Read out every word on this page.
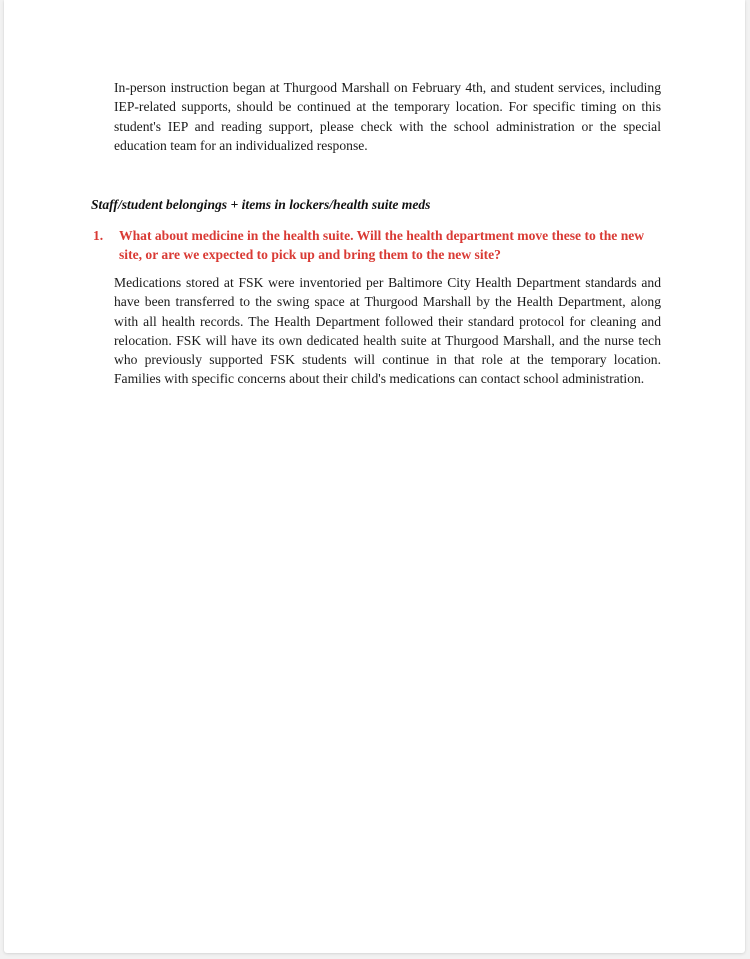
In-person instruction began at Thurgood Marshall on February 4th, and student services, including IEP-related supports, should be continued at the temporary location. For specific timing on this student's IEP and reading support, please check with the school administration or the special education team for an individualized response.

Staff/student belongings + items in lockers/health suite meds

1.	What about medicine in the health suite. Will the health department move these to the new site, or are we expected to pick up and bring them to the new site?

Medications stored at FSK were inventoried per Baltimore City Health Department standards and have been transferred to the swing space at Thurgood Marshall by the Health Department, along with all health records. The Health Department followed their standard protocol for cleaning and relocation. FSK will have its own dedicated health suite at Thurgood Marshall, and the nurse tech who previously supported FSK students will continue in that role at the temporary location. Families with specific concerns about their child's medications can contact school administration.
